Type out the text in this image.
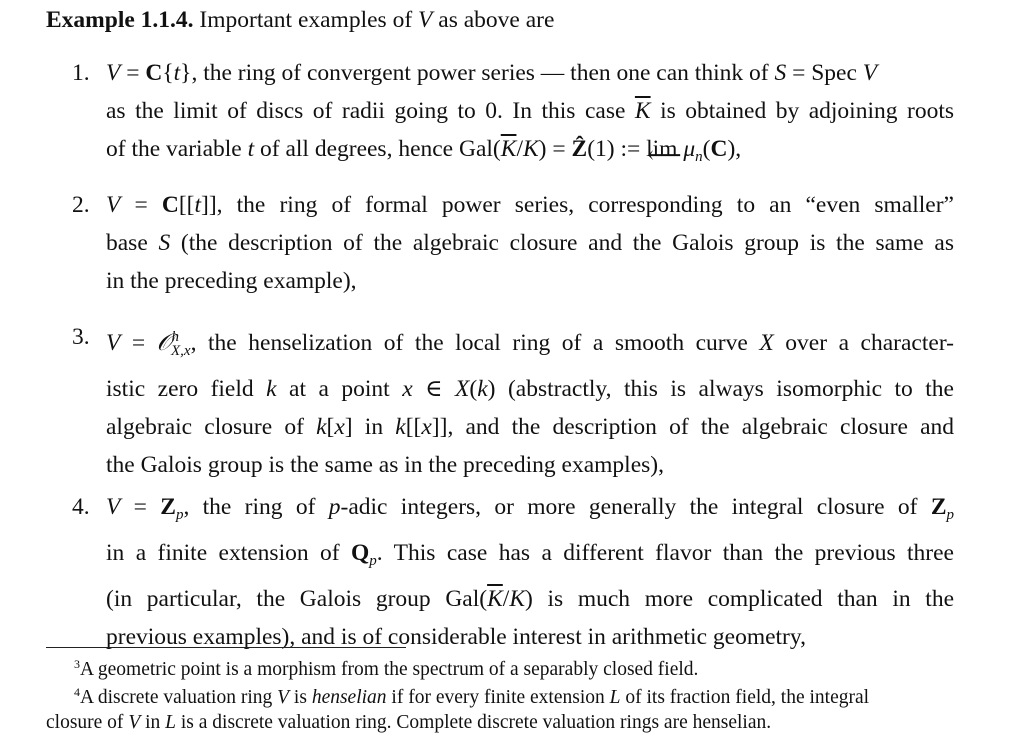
Example 1.1.4. Important examples of V as above are
1. V = C{t}, the ring of convergent power series — then one can think of S = Spec V
as the limit of discs of radii going to 0. In this case $\overline{K}$ is obtained by adjoining roots
of the variable t of all degrees, hence $Gal(\overline{K}/K)$ = Ẑ(1) := lim ⟵ $\mu_n(C)$,
2. V = C[[t]], the ring of formal power series, corresponding to an “even smaller”
base S (the description of the algebraic closure and the Galois group is the same as
in the preceding example),
3. V = 𝒪$^h_{X,x}$, the henselization of the local ring of a smooth curve X over a character-
istic zero field k at a point x ∈ X(k) (abstractly, this is always isomorphic to the
algebraic closure of k[x] in k[[x]], and the description of the algebraic closure and
the Galois group is the same as in the preceding examples),
4. $V = Z_p$, the ring of p-adic integers, or more generally the integral closure of $Z_p$
in a finite extension of $Q_p$. This case has a different flavor than the previous three
(in particular, the Galois group $Gal(\overline{K}/K)$ is much more complicated than in the
previous examples), and is of considerable interest in arithmetic geometry,
$^3$A geometric point is a morphism from the spectrum of a separably closed field.
$^4$A discrete valuation ring V is henselian if for every finite extension L of its fraction field, the integral
closure of V in L is a discrete valuation ring. Complete discrete valuation rings are henselian.
